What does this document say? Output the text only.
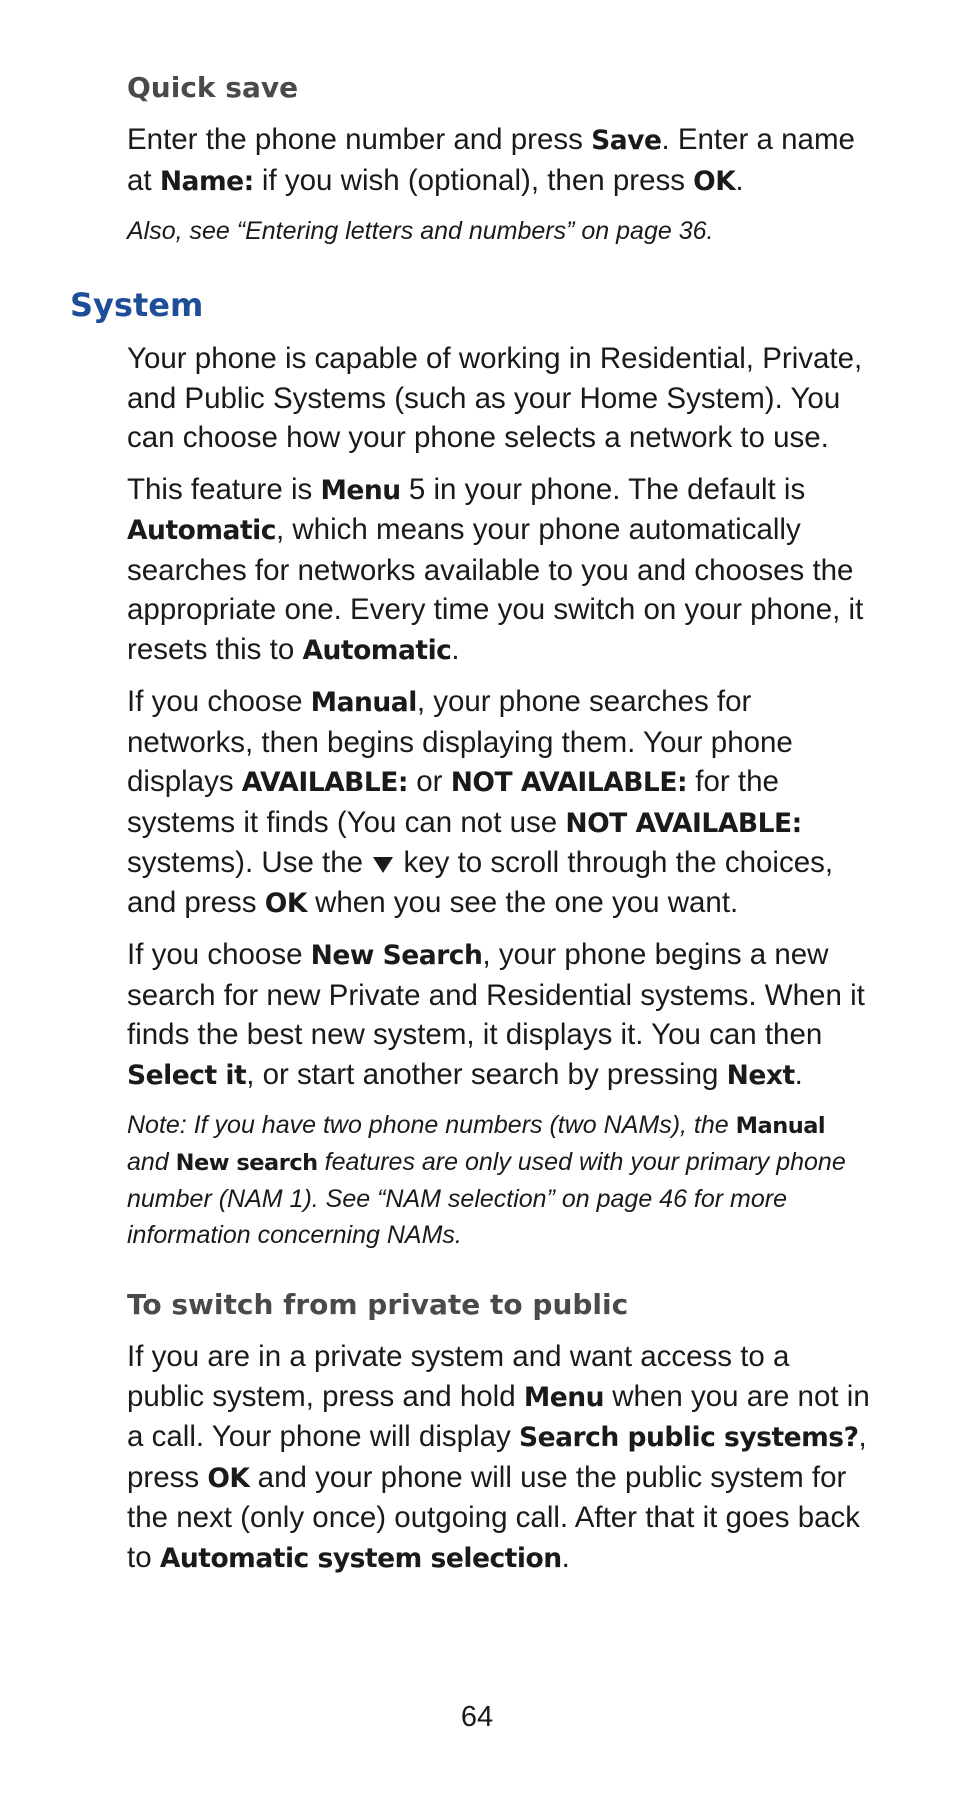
Quick save

Enter the phone number and press Save. Enter a name at Name: if you wish (optional), then press OK.

Also, see “Entering letters and numbers” on page 36.

System

Your phone is capable of working in Residential, Private, and Public Systems (such as your Home System). You can choose how your phone selects a network to use.

This feature is Menu 5 in your phone. The default is Automatic, which means your phone automatically searches for networks available to you and chooses the appropriate one. Every time you switch on your phone, it resets this to Automatic.

If you choose Manual, your phone searches for networks, then begins displaying them. Your phone displays AVAILABLE: or NOT AVAILABLE: for the systems it finds (You can not use NOT AVAILABLE: systems). Use the  key to scroll through the choices, and press OK when you see the one you want.

If you choose New Search, your phone begins a new search for new Private and Residential systems. When it finds the best new system, it displays it. You can then Select it, or start another search by pressing Next.

Note: If you have two phone numbers (two NAMs), the Manual and New search features are only used with your primary phone number (NAM 1). See “NAM selection” on page 46 for more information concerning NAMs.

To switch from private to public

If you are in a private system and want access to a public system, press and hold Menu when you are not in a call. Your phone will display Search public systems?, press OK and your phone will use the public system for the next (only once) outgoing call. After that it goes back to Automatic system selection.

64
